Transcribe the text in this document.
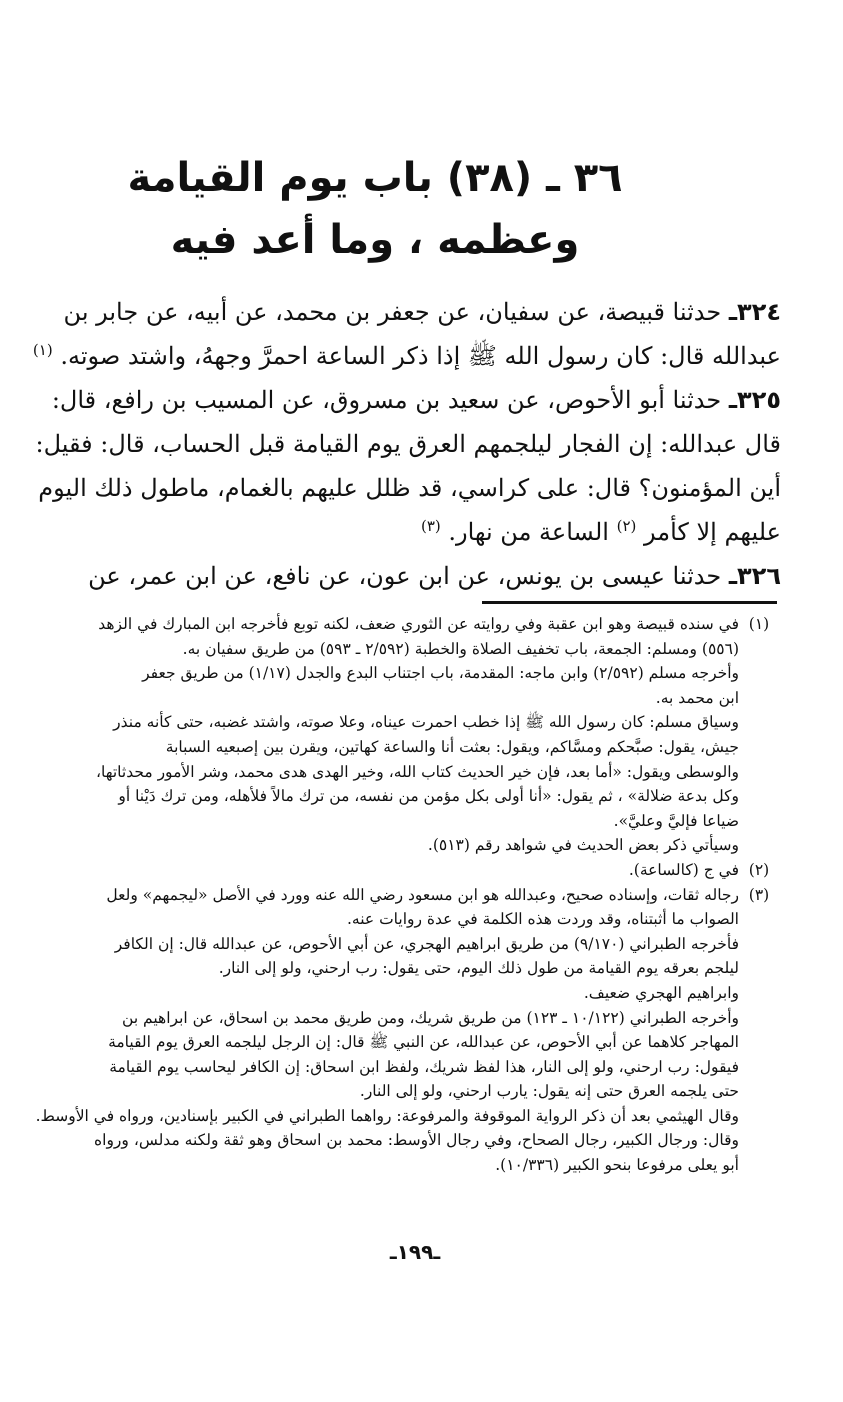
٣٦ ـ (٣٨) باب يوم القيامة
وعظمه ، وما أعد فيه

٣٢٤ـ حدثنا قبيصة، عن سفيان، عن جعفر بن محمد، عن أبيه، عن جابر بن

عبدالله قال: كان رسول الله ﷺ إذا ذكر الساعة احمرَّ وجههُ، واشتد صوته. $^{(١)}$

٣٢٥ـ حدثنا أبو الأحوص، عن سعيد بن مسروق، عن المسيب بن رافع، قال:

قال عبدالله: إن الفجار ليلجمهم العرق يوم القيامة قبل الحساب، قال: فقيل:

أين المؤمنون؟ قال: على كراسي، قد ظلل عليهم بالغمام، ماطول ذلك اليوم

عليهم إلا كأمر $^{(٢)}$ الساعة من نهار. $^{(٣)}$

٣٢٦ـ حدثنا عيسى بن يونس، عن ابن عون، عن نافع، عن ابن عمر، عن

(١)
في سنده قبيصة وهو ابن عقبة وفي روايته عن الثوري ضعف، لكنه توبع فأخرجه ابن المبارك في الزهد
(٥٥٦) ومسلم: الجمعة، باب تخفيف الصلاة والخطبة (٢/٥٩٢ ـ ٥٩٣) من طريق سفيان به.
وأخرجه مسلم (٢/٥٩٢) وابن ماجه: المقدمة، باب اجتناب البدع والجدل (١/١٧) من طريق جعفر
ابن محمد به.
وسياق مسلم: كان رسول الله ﷺ إذا خطب احمرت عيناه، وعلا صوته، واشتد غضبه، حتى كأنه منذر
جيش، يقول: صبَّحكم ومسَّاكم، ويقول: بعثت أنا والساعة كهاتين، ويقرن بين إصبعيه السبابة
والوسطى ويقول: «أما بعد، فإن خير الحديث كتاب الله، وخير الهدى هدى محمد، وشر الأمور محدثاتها،
وكل بدعة ضلالة» ، ثم يقول: «أنا أولى بكل مؤمن من نفسه، من ترك مالاً فلأهله، ومن ترك دَيْنا أو
ضياعا فإليَّ وعليَّ».
وسيأتي ذكر بعض الحديث في شواهد رقم (٥١٣).
(٢)
في ج (كالساعة).
(٣)
رجاله ثقات، وإسناده صحيح، وعبدالله هو ابن مسعود رضي الله عنه وورد في الأصل «ليجمهم» ولعل
الصواب ما أثبتناه، وقد وردت هذه الكلمة في عدة روايات عنه.
فأخرجه الطبراني (٩/١٧٠) من طريق ابراهيم الهجري، عن أبي الأحوص، عن عبدالله قال: إن الكافر
ليلجم بعرقه يوم القيامة من طول ذلك اليوم، حتى يقول: رب ارحني، ولو إلى النار.
وابراهيم الهجري ضعيف.
وأخرجه الطبراني (١٠/١٢٢ ـ ١٢٣) من طريق شريك، ومن طريق محمد بن اسحاق، عن ابراهيم بن
المهاجر كلاهما عن أبي الأحوص، عن عبدالله، عن النبي ﷺ قال: إن الرجل ليلجمه العرق يوم القيامة
فيقول: رب ارحني، ولو إلى النار، هذا لفظ شريك، ولفظ ابن اسحاق: إن الكافر ليحاسب يوم القيامة
حتى يلجمه العرق حتى إنه يقول: يارب ارحني، ولو إلى النار.
وقال الهيثمي بعد أن ذكر الرواية الموقوفة والمرفوعة: رواهما الطبراني في الكبير بإسنادين، ورواه في الأوسط.
وقال: ورجال الكبير، رجال الصحاح، وفي رجال الأوسط: محمد بن اسحاق وهو ثقة ولكنه مدلس، ورواه
أبو يعلى مرفوعا بنحو الكبير (١٠/٣٣٦).
ـ١٩٩ـ
